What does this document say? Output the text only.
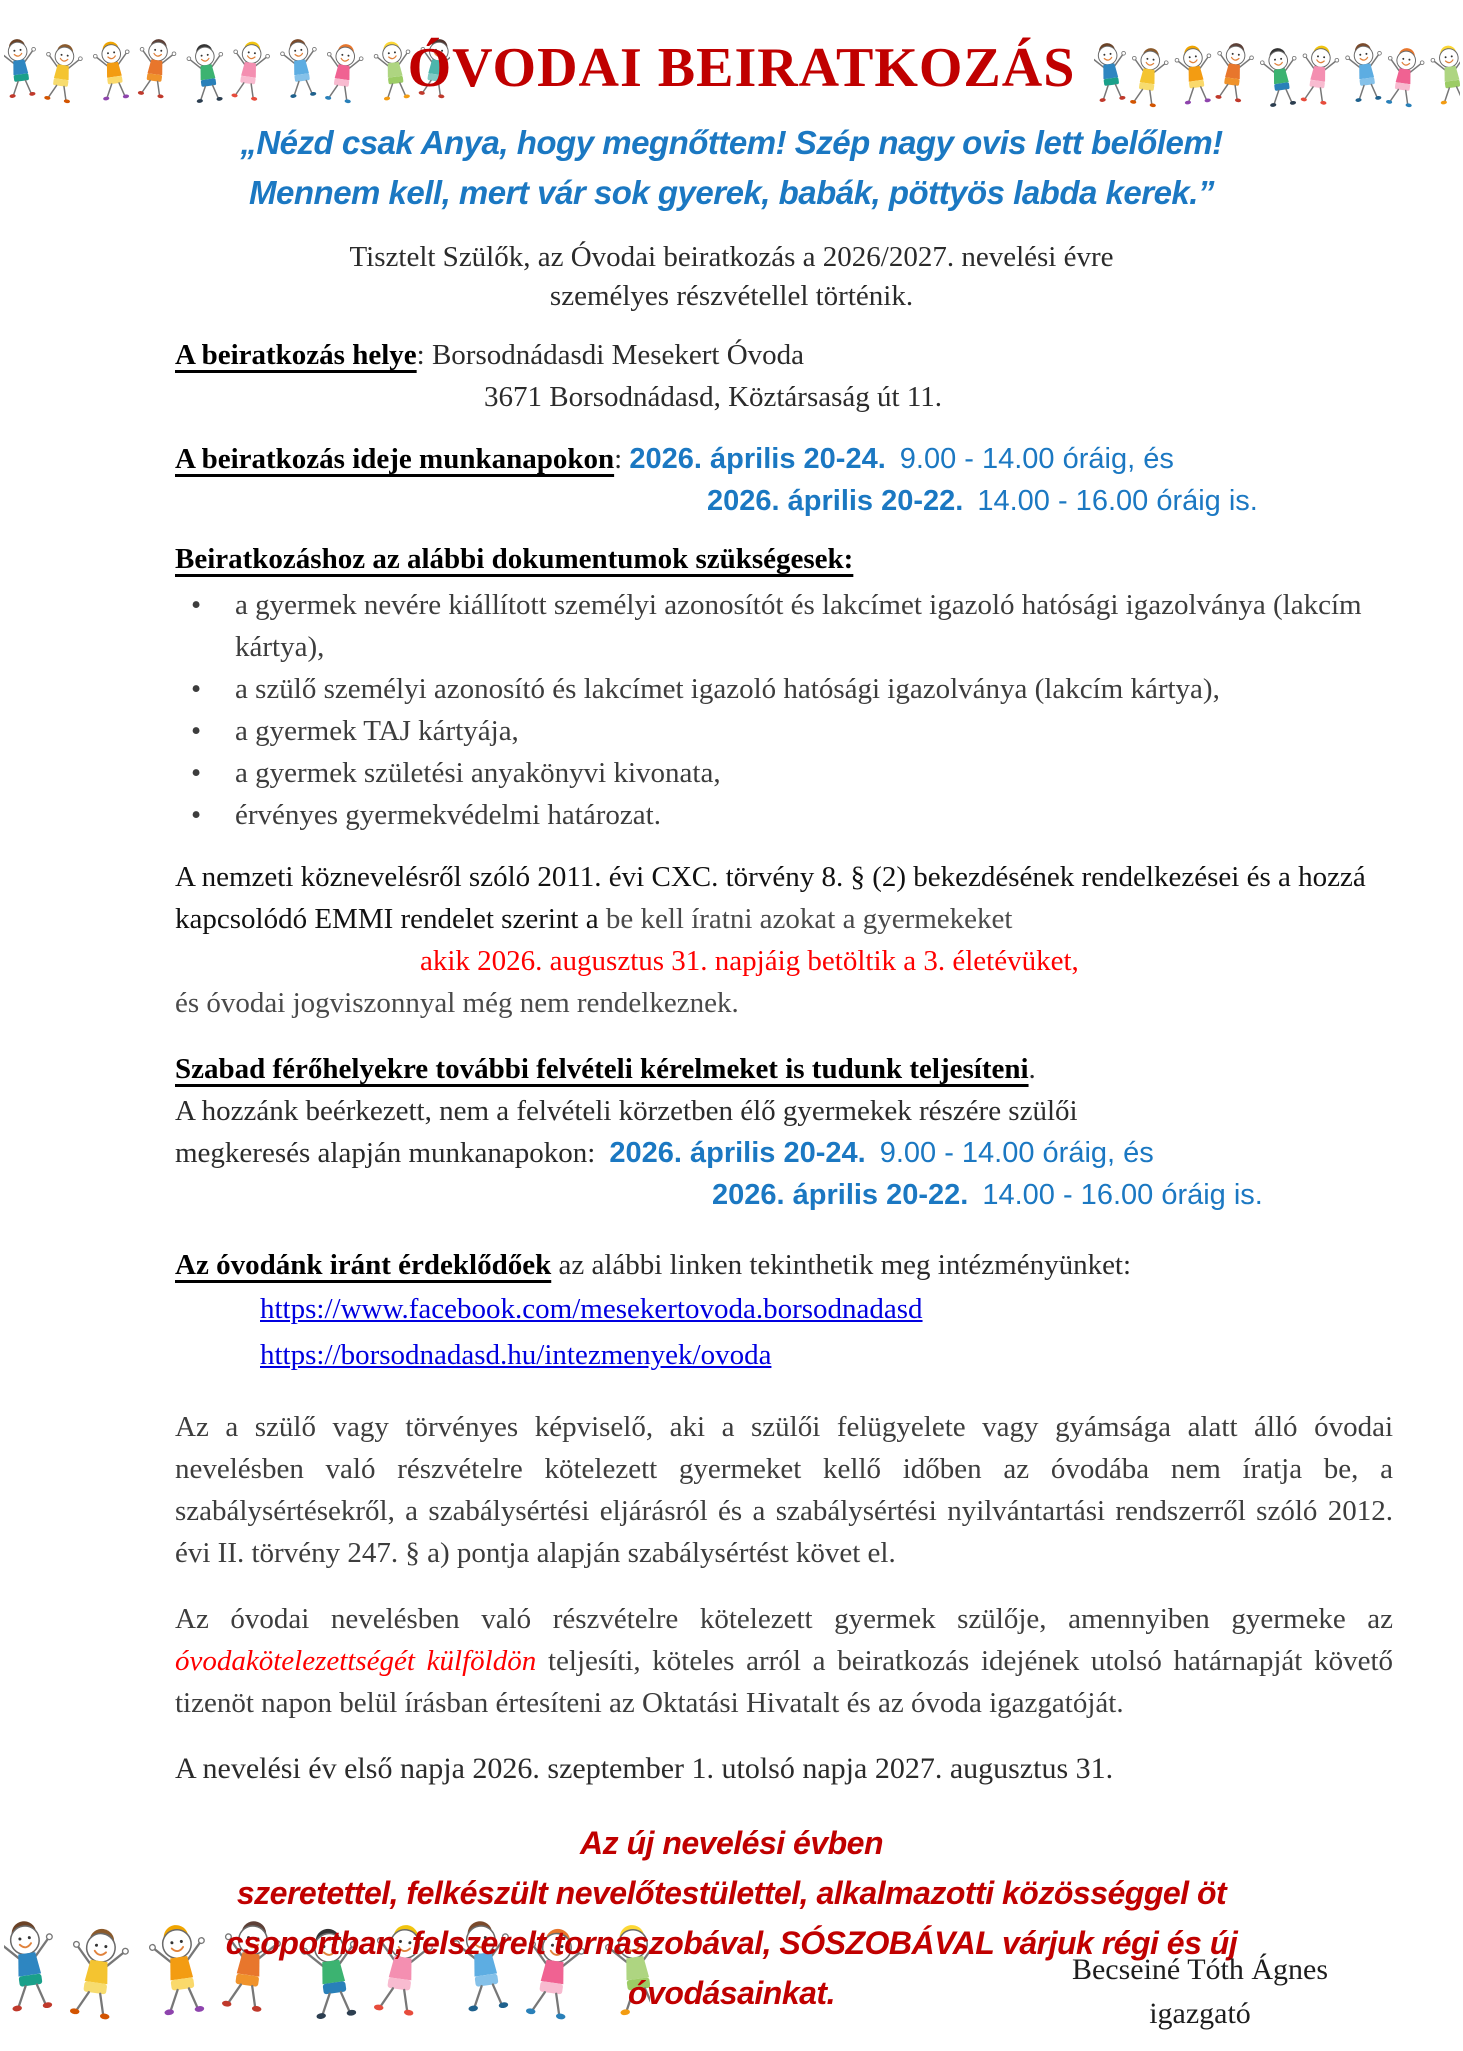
ÓVODAI BEIRATKOZÁS
„Nézd csak Anya, hogy megnőttem! Szép nagy ovis lett belőlem!
Mennem kell, mert vár sok gyerek, babák, pöttyös labda kerek.”
Tisztelt Szülők, az Óvodai beiratkozás a 2026/2027. nevelési évre
személyes részvétellel történik.
A beiratkozás helye: Borsodnádasdi Mesekert Óvoda
3671 Borsodnádasd, Köztársaság út 11.
A beiratkozás ideje munkanapokon: 2026. április 20-24. 9.00 - 14.00 óráig, és
2026. április 20-22. 14.00 - 16.00 óráig is.
Beiratkozáshoz az alábbi dokumentumok szükségesek:
• a gyermek nevére kiállított személyi azonosítót és lakcímet igazoló hatósági igazolványa (lakcím kártya),
• a szülő személyi azonosító és lakcímet igazoló hatósági igazolványa (lakcím kártya),
• a gyermek TAJ kártyája,
• a gyermek születési anyakönyvi kivonata,
• érvényes gyermekvédelmi határozat.
A nemzeti köznevelésről szóló 2011. évi CXC. törvény 8. § (2) bekezdésének rendelkezései és a hozzá kapcsolódó EMMI rendelet szerint a be kell íratni azokat a gyermekeket
akik 2026. augusztus 31. napjáig betöltik a 3. életévüket,
és óvodai jogviszonnyal még nem rendelkeznek.
Szabad férőhelyekre további felvételi kérelmeket is tudunk teljesíteni.
A hozzánk beérkezett, nem a felvételi körzetben élő gyermekek részére szülői
megkeresés alapján munkanapokon: 2026. április 20-24. 9.00 - 14.00 óráig, és
2026. április 20-22. 14.00 - 16.00 óráig is.
Az óvodánk iránt érdeklődőek az alábbi linken tekinthetik meg intézményünket:
https://www.facebook.com/mesekertovoda.borsodnadasd
https://borsodnadasd.hu/intezmenyek/ovoda
Az a szülő vagy törvényes képviselő, aki a szülői felügyelete vagy gyámsága alatt álló óvodai nevelésben való részvételre kötelezett gyermeket kellő időben az óvodába nem íratja be, a szabálysértésekről, a szabálysértési eljárásról és a szabálysértési nyilvántartási rendszerről szóló 2012. évi II. törvény 247. § a) pontja alapján szabálysértést követ el.
Az óvodai nevelésben való részvételre kötelezett gyermek szülője, amennyiben gyermeke az óvodakötelezettségét külföldön teljesíti, köteles arról a beiratkozás idejének utolsó határnapját követő tizenöt napon belül írásban értesíteni az Oktatási Hivatalt és az óvoda igazgatóját.
A nevelési év első napja 2026. szeptember 1. utolsó napja 2027. augusztus 31.
Az új nevelési évben
szeretettel, felkészült nevelőtestülettel, alkalmazotti közösséggel öt
csoportban, felszerelt tornaszobával, SÓSZOBÁVAL várjuk régi és új
óvodásainkat.
Becseiné Tóth Ágnes
igazgató
